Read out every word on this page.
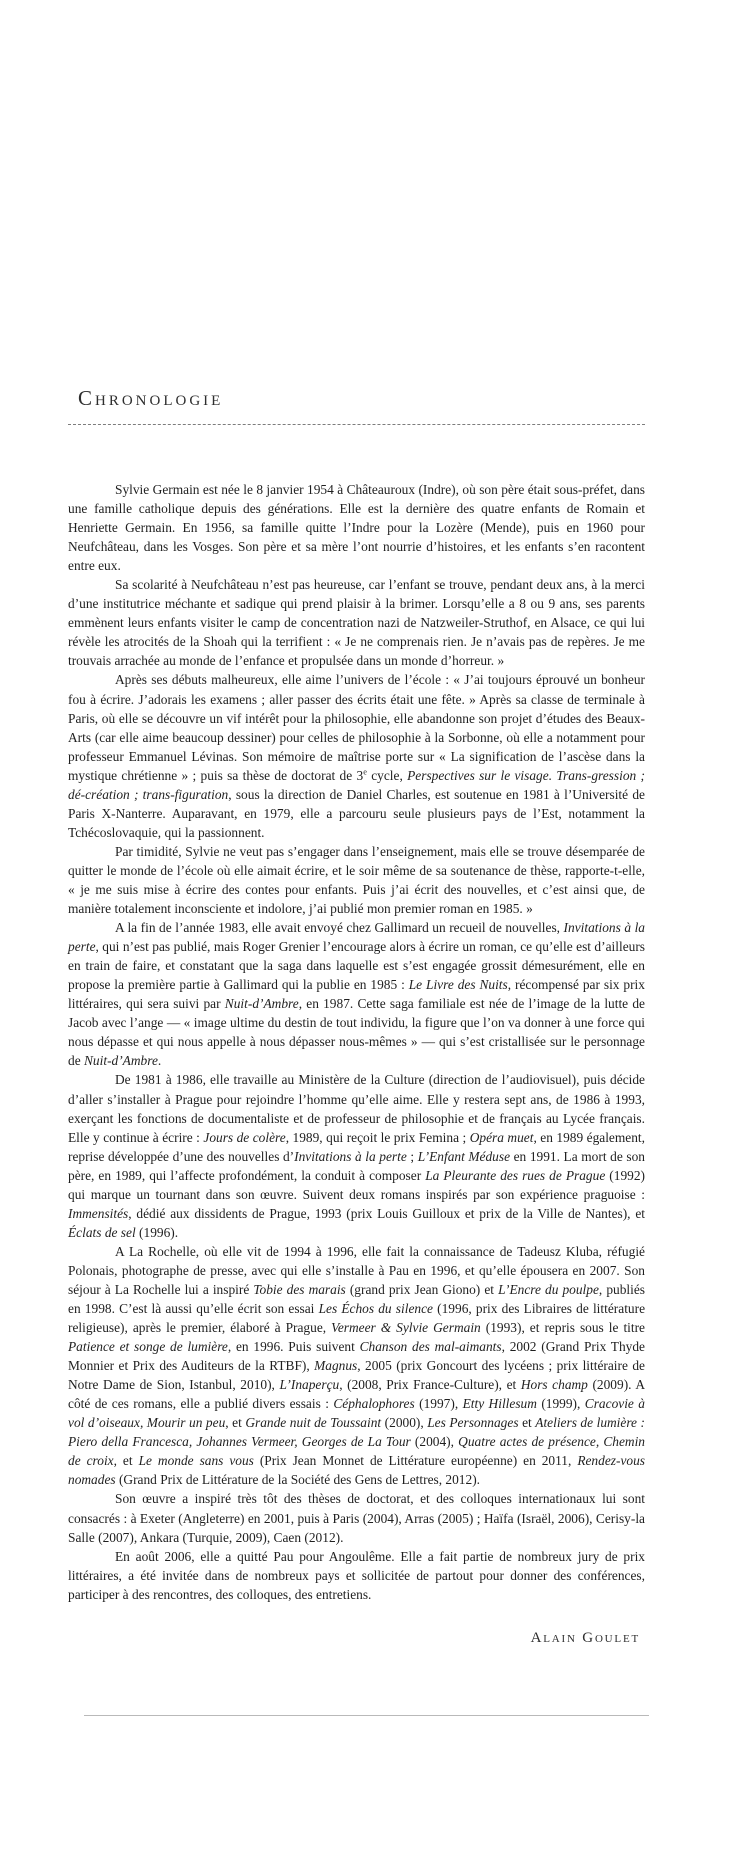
Chronologie

Sylvie Germain est née le 8 janvier 1954 à Châteauroux (Indre), où son père était sous-préfet, dans une famille catholique depuis des générations. Elle est la dernière des quatre enfants de Romain et Henriette Germain. En 1956, sa famille quitte l’Indre pour la Lozère (Mende), puis en 1960 pour Neufchâteau, dans les Vosges. Son père et sa mère l’ont nourrie d’histoires, et les enfants s’en racontent entre eux.

Sa scolarité à Neufchâteau n’est pas heureuse, car l’enfant se trouve, pendant deux ans, à la merci d’une institutrice méchante et sadique qui prend plaisir à la brimer. Lorsqu’elle a 8 ou 9 ans, ses parents emmènent leurs enfants visiter le camp de concentration nazi de Natzweiler-Struthof, en Alsace, ce qui lui révèle les atrocités de la Shoah qui la terrifient : « Je ne comprenais rien. Je n’avais pas de repères. Je me trouvais arrachée au monde de l’enfance et propulsée dans un monde d’horreur. »

Après ses débuts malheureux, elle aime l’univers de l’école : « J’ai toujours éprouvé un bonheur fou à écrire. J’adorais les examens ; aller passer des écrits était une fête. » Après sa classe de terminale à Paris, où elle se découvre un vif intérêt pour la philosophie, elle abandonne son projet d’études des Beaux-Arts (car elle aime beaucoup dessiner) pour celles de philosophie à la Sorbonne, où elle a notamment pour professeur Emmanuel Lévinas. Son mémoire de maîtrise porte sur « La signification de l’ascèse dans la mystique chrétienne » ; puis sa thèse de doctorat de 3e cycle, Perspectives sur le visage. Trans-gression ; dé-création ; trans-figuration, sous la direction de Daniel Charles, est soutenue en 1981 à l’Université de Paris X-Nanterre. Auparavant, en 1979, elle a parcouru seule plusieurs pays de l’Est, notamment la Tchécoslovaquie, qui la passionnent.

Par timidité, Sylvie ne veut pas s’engager dans l’enseignement, mais elle se trouve désemparée de quitter le monde de l’école où elle aimait écrire, et le soir même de sa soutenance de thèse, rapporte-t-elle, « je me suis mise à écrire des contes pour enfants. Puis j’ai écrit des nouvelles, et c’est ainsi que, de manière totalement inconsciente et indolore, j’ai publié mon premier roman en 1985. »

A la fin de l’année 1983, elle avait envoyé chez Gallimard un recueil de nouvelles, Invitations à la perte, qui n’est pas publié, mais Roger Grenier l’encourage alors à écrire un roman, ce qu’elle est d’ailleurs en train de faire, et constatant que la saga dans laquelle est s’est engagée grossit démesurément, elle en propose la première partie à Gallimard qui la publie en 1985 : Le Livre des Nuits, récompensé par six prix littéraires, qui sera suivi par Nuit-d’Ambre, en 1987. Cette saga familiale est née de l’image de la lutte de Jacob avec l’ange — « image ultime du destin de tout individu, la figure que l’on va donner à une force qui nous dépasse et qui nous appelle à nous dépasser nous-mêmes » — qui s’est cristallisée sur le personnage de Nuit-d’Ambre.

De 1981 à 1986, elle travaille au Ministère de la Culture (direction de l’audiovisuel), puis décide d’aller s’installer à Prague pour rejoindre l’homme qu’elle aime. Elle y restera sept ans, de 1986 à 1993, exerçant les fonctions de documentaliste et de professeur de philosophie et de français au Lycée français. Elle y continue à écrire : Jours de colère, 1989, qui reçoit le prix Femina ; Opéra muet, en 1989 également, reprise développée d’une des nouvelles d’Invitations à la perte ; L’Enfant Méduse en 1991. La mort de son père, en 1989, qui l’affecte profondément, la conduit à composer La Pleurante des rues de Prague (1992) qui marque un tournant dans son œuvre. Suivent deux romans inspirés par son expérience praguoise : Immensités, dédié aux dissidents de Prague, 1993 (prix Louis Guilloux et prix de la Ville de Nantes), et Éclats de sel (1996).

A La Rochelle, où elle vit de 1994 à 1996, elle fait la connaissance de Tadeusz Kluba, réfugié Polonais, photographe de presse, avec qui elle s’installe à Pau en 1996, et qu’elle épousera en 2007. Son séjour à La Rochelle lui a inspiré Tobie des marais (grand prix Jean Giono) et L’Encre du poulpe, publiés en 1998. C’est là aussi qu’elle écrit son essai Les Échos du silence (1996, prix des Libraires de littérature religieuse), après le premier, élaboré à Prague, Vermeer & Sylvie Germain (1993), et repris sous le titre Patience et songe de lumière, en 1996. Puis suivent Chanson des mal-aimants, 2002 (Grand Prix Thyde Monnier et Prix des Auditeurs de la RTBF), Magnus, 2005 (prix Goncourt des lycéens ; prix littéraire de Notre Dame de Sion, Istanbul, 2010), L’Inaperçu, (2008, Prix France-Culture), et Hors champ (2009). A côté de ces romans, elle a publié divers essais : Céphalophores (1997), Etty Hillesum (1999), Cracovie à vol d’oiseaux, Mourir un peu, et Grande nuit de Toussaint (2000), Les Personnages et Ateliers de lumière : Piero della Francesca, Johannes Vermeer, Georges de La Tour (2004), Quatre actes de présence, Chemin de croix, et Le monde sans vous (Prix Jean Monnet de Littérature européenne) en 2011, Rendez-vous nomades (Grand Prix de Littérature de la Société des Gens de Lettres, 2012).

Son œuvre a inspiré très tôt des thèses de doctorat, et des colloques internationaux lui sont consacrés : à Exeter (Angleterre) en 2001, puis à Paris (2004), Arras (2005) ; Haïfa (Israël, 2006), Cerisy-la Salle (2007), Ankara (Turquie, 2009), Caen (2012).

En août 2006, elle a quitté Pau pour Angoulême. Elle a fait partie de nombreux jury de prix littéraires, a été invitée dans de nombreux pays et sollicitée de partout pour donner des conférences, participer à des rencontres, des colloques, des entretiens.

Alain Goulet
